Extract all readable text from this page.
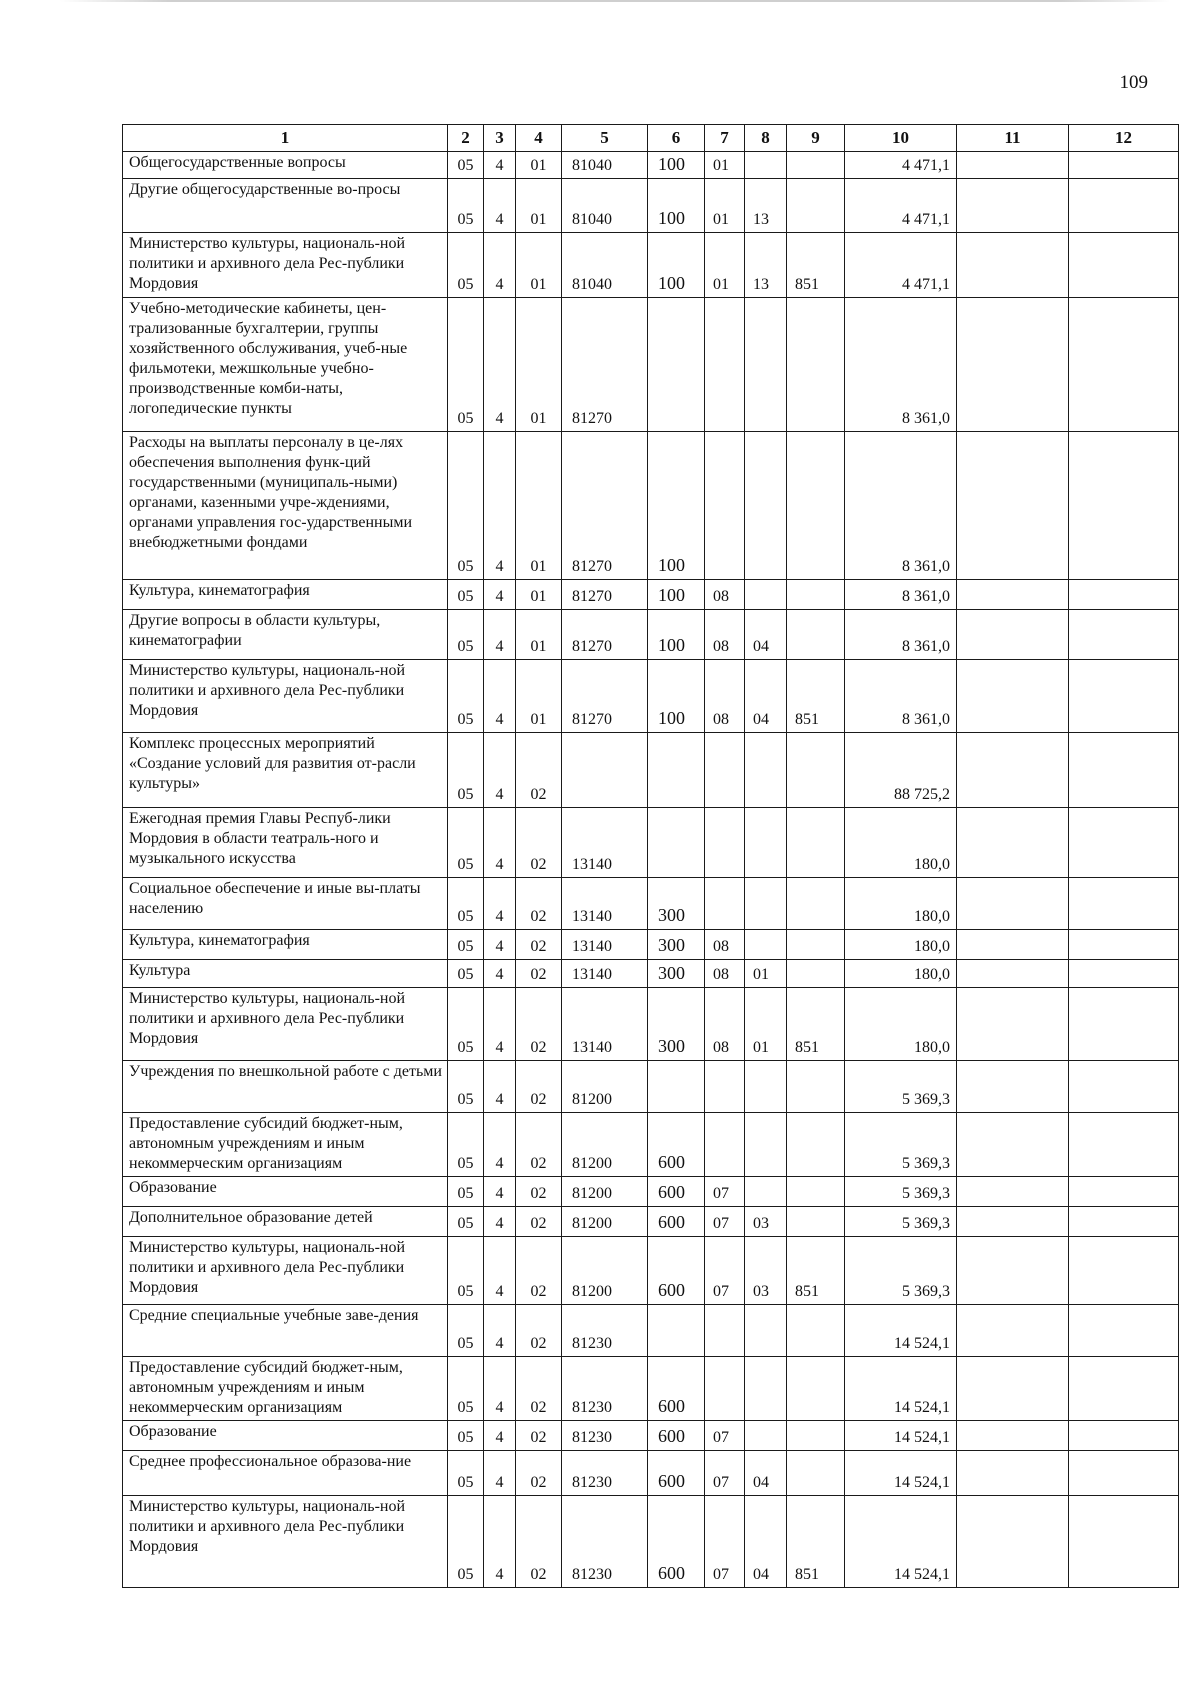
109
1	2	3	4	5	6	7	8	9	10	11	12
Общегосударственные вопросы	05	4	01	81040	100	01			4 471,1		
Другие общегосударственные во-просы	05	4	01	81040	100	01	13		4 471,1		
Министерство культуры, националь-ной политики и архивного дела Рес-публики Мордовия	05	4	01	81040	100	01	13	851	4 471,1		
Учебно-методические кабинеты, цен-трализованные бухгалтерии, группы хозяйственного обслуживания, учеб-ные фильмотеки, межшкольные учебно-производственные комби-наты, логопедические пункты	05	4	01	81270					8 361,0		
Расходы на выплаты персоналу в це-лях обеспечения выполнения функ-ций государственными (муниципаль-ными) органами, казенными учре-ждениями, органами управления гос-ударственными внебюджетными фондами	05	4	01	81270	100				8 361,0		
Культура, кинематография	05	4	01	81270	100	08			8 361,0		
Другие вопросы в области культуры, кинематографии	05	4	01	81270	100	08	04		8 361,0		
Министерство культуры, националь-ной политики и архивного дела Рес-публики Мордовия	05	4	01	81270	100	08	04	851	8 361,0		
Комплекс процессных мероприятий «Создание условий для развития от-расли культуры»	05	4	02						88 725,2		
Ежегодная премия Главы Респуб-лики Мордовия в области театраль-ного и музыкального искусства	05	4	02	13140					180,0		
Социальное обеспечение и иные вы-платы населению	05	4	02	13140	300				180,0		
Культура, кинематография	05	4	02	13140	300	08			180,0		
Культура	05	4	02	13140	300	08	01		180,0		
Министерство культуры, националь-ной политики и архивного дела Рес-публики Мордовия	05	4	02	13140	300	08	01	851	180,0		
Учреждения по внешкольной работе с детьми	05	4	02	81200					5 369,3		
Предоставление субсидий бюджет-ным, автономным учреждениям и иным некоммерческим организациям	05	4	02	81200	600				5 369,3		
Образование	05	4	02	81200	600	07			5 369,3		
Дополнительное образование детей	05	4	02	81200	600	07	03		5 369,3		
Министерство культуры, националь-ной политики и архивного дела Рес-публики Мордовия	05	4	02	81200	600	07	03	851	5 369,3		
Средние специальные учебные заве-дения	05	4	02	81230					14 524,1		
Предоставление субсидий бюджет-ным, автономным учреждениям и иным некоммерческим организациям	05	4	02	81230	600				14 524,1		
Образование	05	4	02	81230	600	07			14 524,1		
Среднее профессиональное образова-ние	05	4	02	81230	600	07	04		14 524,1		
Министерство культуры, националь-ной политики и архивного дела Рес-публики Мордовия	05	4	02	81230	600	07	04	851	14 524,1		
